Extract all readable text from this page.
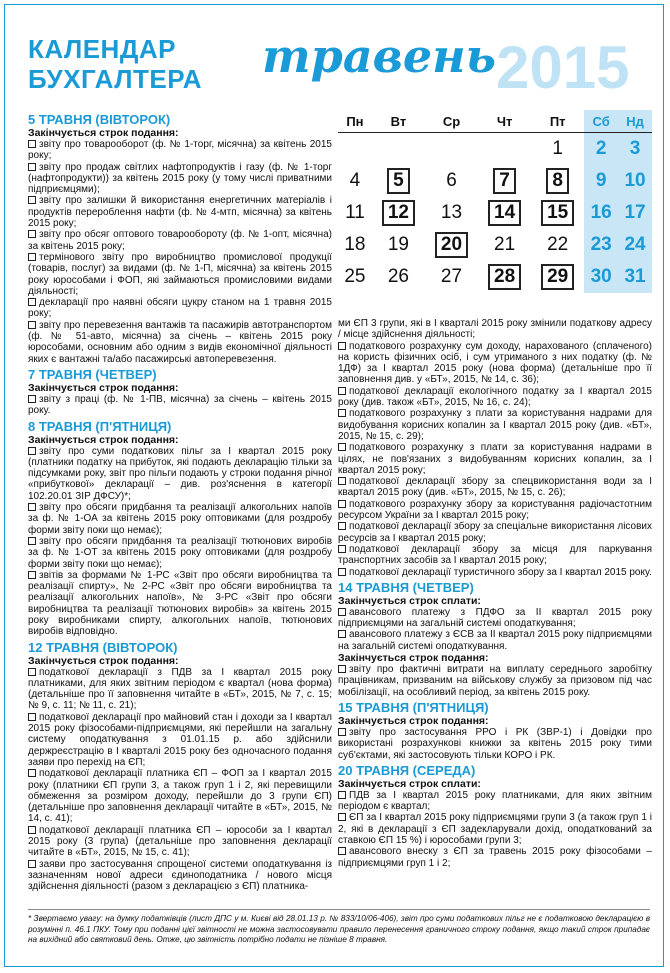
КАЛЕНДАР
БУХГАЛТЕРА	травень 2015
Пн	Вт	Ср	Чт	Пт	Сб	Нд
				1	2	3
4	5	6	7	8	9	10
11	12	13	14	15	16	17
18	19	20	21	22	23	24
25	26	27	28	29	30	31
5 ТРАВНЯ (ВІВТОРОК)
Закінчується строк подання:
звіту про товарооборот (ф. № 1-торг, місячна) за квітень 2015 року;
звіту про продаж світлих нафтопродуктів і газу (ф. № 1-торг (нафтопродукти)) за квітень 2015 року (у тому числі приватними підприємцями);
звіту про залишки й використання енергетичних матеріалів і продуктів перероблення нафти (ф. № 4-мтп, місячна) за квітень 2015 року;
звіту про обсяг оптового товарообороту (ф. № 1-опт, місячна) за квітень 2015 року;
термінового звіту про виробництво промислової продукції (товарів, послуг) за видами (ф. № 1-П, місячна) за квітень 2015 року юрособами і ФОП, які займаються промисловими видами діяльності;
декларації про наявні обсяги цукру станом на 1 травня 2015 року;
звіту про перевезення вантажів та пасажирів автотранспортом (ф. № 51-авто, місячна) за січень – квітень 2015 року юрособами, основним або одним з видів економічної діяльності яких є вантажні та/або пасажирські автоперевезення.
7 ТРАВНЯ (ЧЕТВЕР)
Закінчується строк подання:
звіту з праці (ф. № 1-ПВ, місячна) за січень – квітень 2015 року.
8 ТРАВНЯ (П'ЯТНИЦЯ)
Закінчується строк подання:
звіту про суми податкових пільг за І квартал 2015 року (платники податку на прибуток, які подають декларацію тільки за підсумками року, звіт про пільги подають у строки подання річної «прибуткової» декларації – див. роз'яснення в категорії 102.20.01 ЗІР ДФСУ)*;
звіту про обсяги придбання та реалізації алкогольних напоїв за ф. № 1-ОА за квітень 2015 року оптовиками (для роздробу форми звіту поки що немає);
звіту про обсяги придбання та реалізації тютюнових виробів за ф. № 1-ОТ за квітень 2015 року оптовиками (для роздробу форми звіту поки що немає);
звітів за формами № 1-РС «Звіт про обсяги виробництва та реалізації спирту», № 2-РС «Звіт про обсяги виробництва та реалізації алкогольних напоїв», № 3-РС «Звіт про обсяги виробництва та реалізації тютюнових виробів» за квітень 2015 року виробниками спирту, алкогольних напоїв, тютюнових виробів відповідно.
12 ТРАВНЯ (ВІВТОРОК)
Закінчується строк подання:
податкової декларації з ПДВ за І квартал 2015 року платниками, для яких звітним періодом є квартал (нова форма) (детальніше про її заповнення читайте в «БТ», 2015, № 7, с. 15; № 9, с. 11; № 11, с. 21);
податкової декларації про майновий стан і доходи за І квартал 2015 року фізособами-підприємцями, які перейшли на загальну систему оподаткування з 01.01.15 р. або здійснили держреєстрацію в І кварталі 2015 року без одночасного подання заяви про перехід на ЄП;
податкової декларації платника ЄП – ФОП за І квартал 2015 року (платники ЄП групи 3, а також груп 1 і 2, які перевищили обмеження за розміром доходу, перейшли до 3 групи ЄП) (детальніше про заповнення декларації читайте в «БТ», 2015, № 14, с. 41);
податкової декларації платника ЄП – юрособи за І квартал 2015 року (3 група) (детальніше про заповнення декларації читайте в «БТ», 2015, № 15, с. 41);
заяви про застосування спрощеної системи оподаткування із зазначенням нової адреси єдиноподатника / нового місця здійснення діяльності (разом з декларацією з ЄП) платника-
ми ЄП 3 групи, які в І кварталі 2015 року змінили податкову адресу / місце здійснення діяльності;
податкового розрахунку сум доходу, нарахованого (сплаченого) на користь фізичних осіб, і сум утриманого з них податку (ф. № 1ДФ) за І квартал 2015 року (нова форма) (детальніше про її заповнення див. у «БТ», 2015, № 14, с. 36);
податкової декларації екологічного податку за І квартал 2015 року (див. також «БТ», 2015, № 16, с. 24);
податкового розрахунку з плати за користування надрами для видобування корисних копалин за І квартал 2015 року (див. «БТ», 2015, № 15, с. 29);
податкового розрахунку з плати за користування надрами в цілях, не пов'язаних з видобуванням корисних копалин, за І квартал 2015 року;
податкової декларації збору за спецвикористання води за І квартал 2015 року (див. «БТ», 2015, № 15, с. 26);
податкового розрахунку збору за користування радіочастотним ресурсом України за І квартал 2015 року;
податкової декларації збору за спеціальне використання лісових ресурсів за І квартал 2015 року;
податкової декларації збору за місця для паркування транспортних засобів за І квартал 2015 року;
податкової декларації туристичного збору за І квартал 2015 року.
14 ТРАВНЯ (ЧЕТВЕР)
Закінчується строк сплати:
авансового платежу з ПДФО за ІІ квартал 2015 року підприємцями на загальній системі оподаткування;
авансового платежу з ЄСВ за ІІ квартал 2015 року підприємцями на загальній системі оподаткування.
Закінчується строк подання:
звіту про фактичні витрати на виплату середнього заробітку працівникам, призваним на військову службу за призовом під час мобілізації, на особливий період, за квітень 2015 року.
15 ТРАВНЯ (П'ЯТНИЦЯ)
Закінчується строк подання:
звіту про застосування РРО і РК (ЗВР-1) і Довідки про використані розрахункові книжки за квітень 2015 року тими суб'єктами, які застосовують тільки КОРО і РК.
20 ТРАВНЯ (СЕРЕДА)
Закінчується строк сплати:
ПДВ за І квартал 2015 року платниками, для яких звітним періодом є квартал;
ЄП за І квартал 2015 року підприємцями групи 3 (а також груп 1 і 2, які в декларації з ЄП задекларували дохід, оподаткований за ставкою ЄП 15 %) і юрособами групи 3;
авансового внеску з ЄП за травень 2015 року фізособами – підприємцями груп 1 і 2;
* Звертаємо увагу: на думку податківців (лист ДПС у м. Києві від 28.01.13 р. № 833/10/06-406), звіт про суми податкових пільг не є податковою декларацією в розумінні п. 46.1 ПКУ. Тому при поданні цієї звітності не можна застосовувати правило перенесення граничного строку подання, якщо такий строк припадає на вихідний або святковий день. Отже, цю звітність потрібно подати не пізніше 8 травня.
